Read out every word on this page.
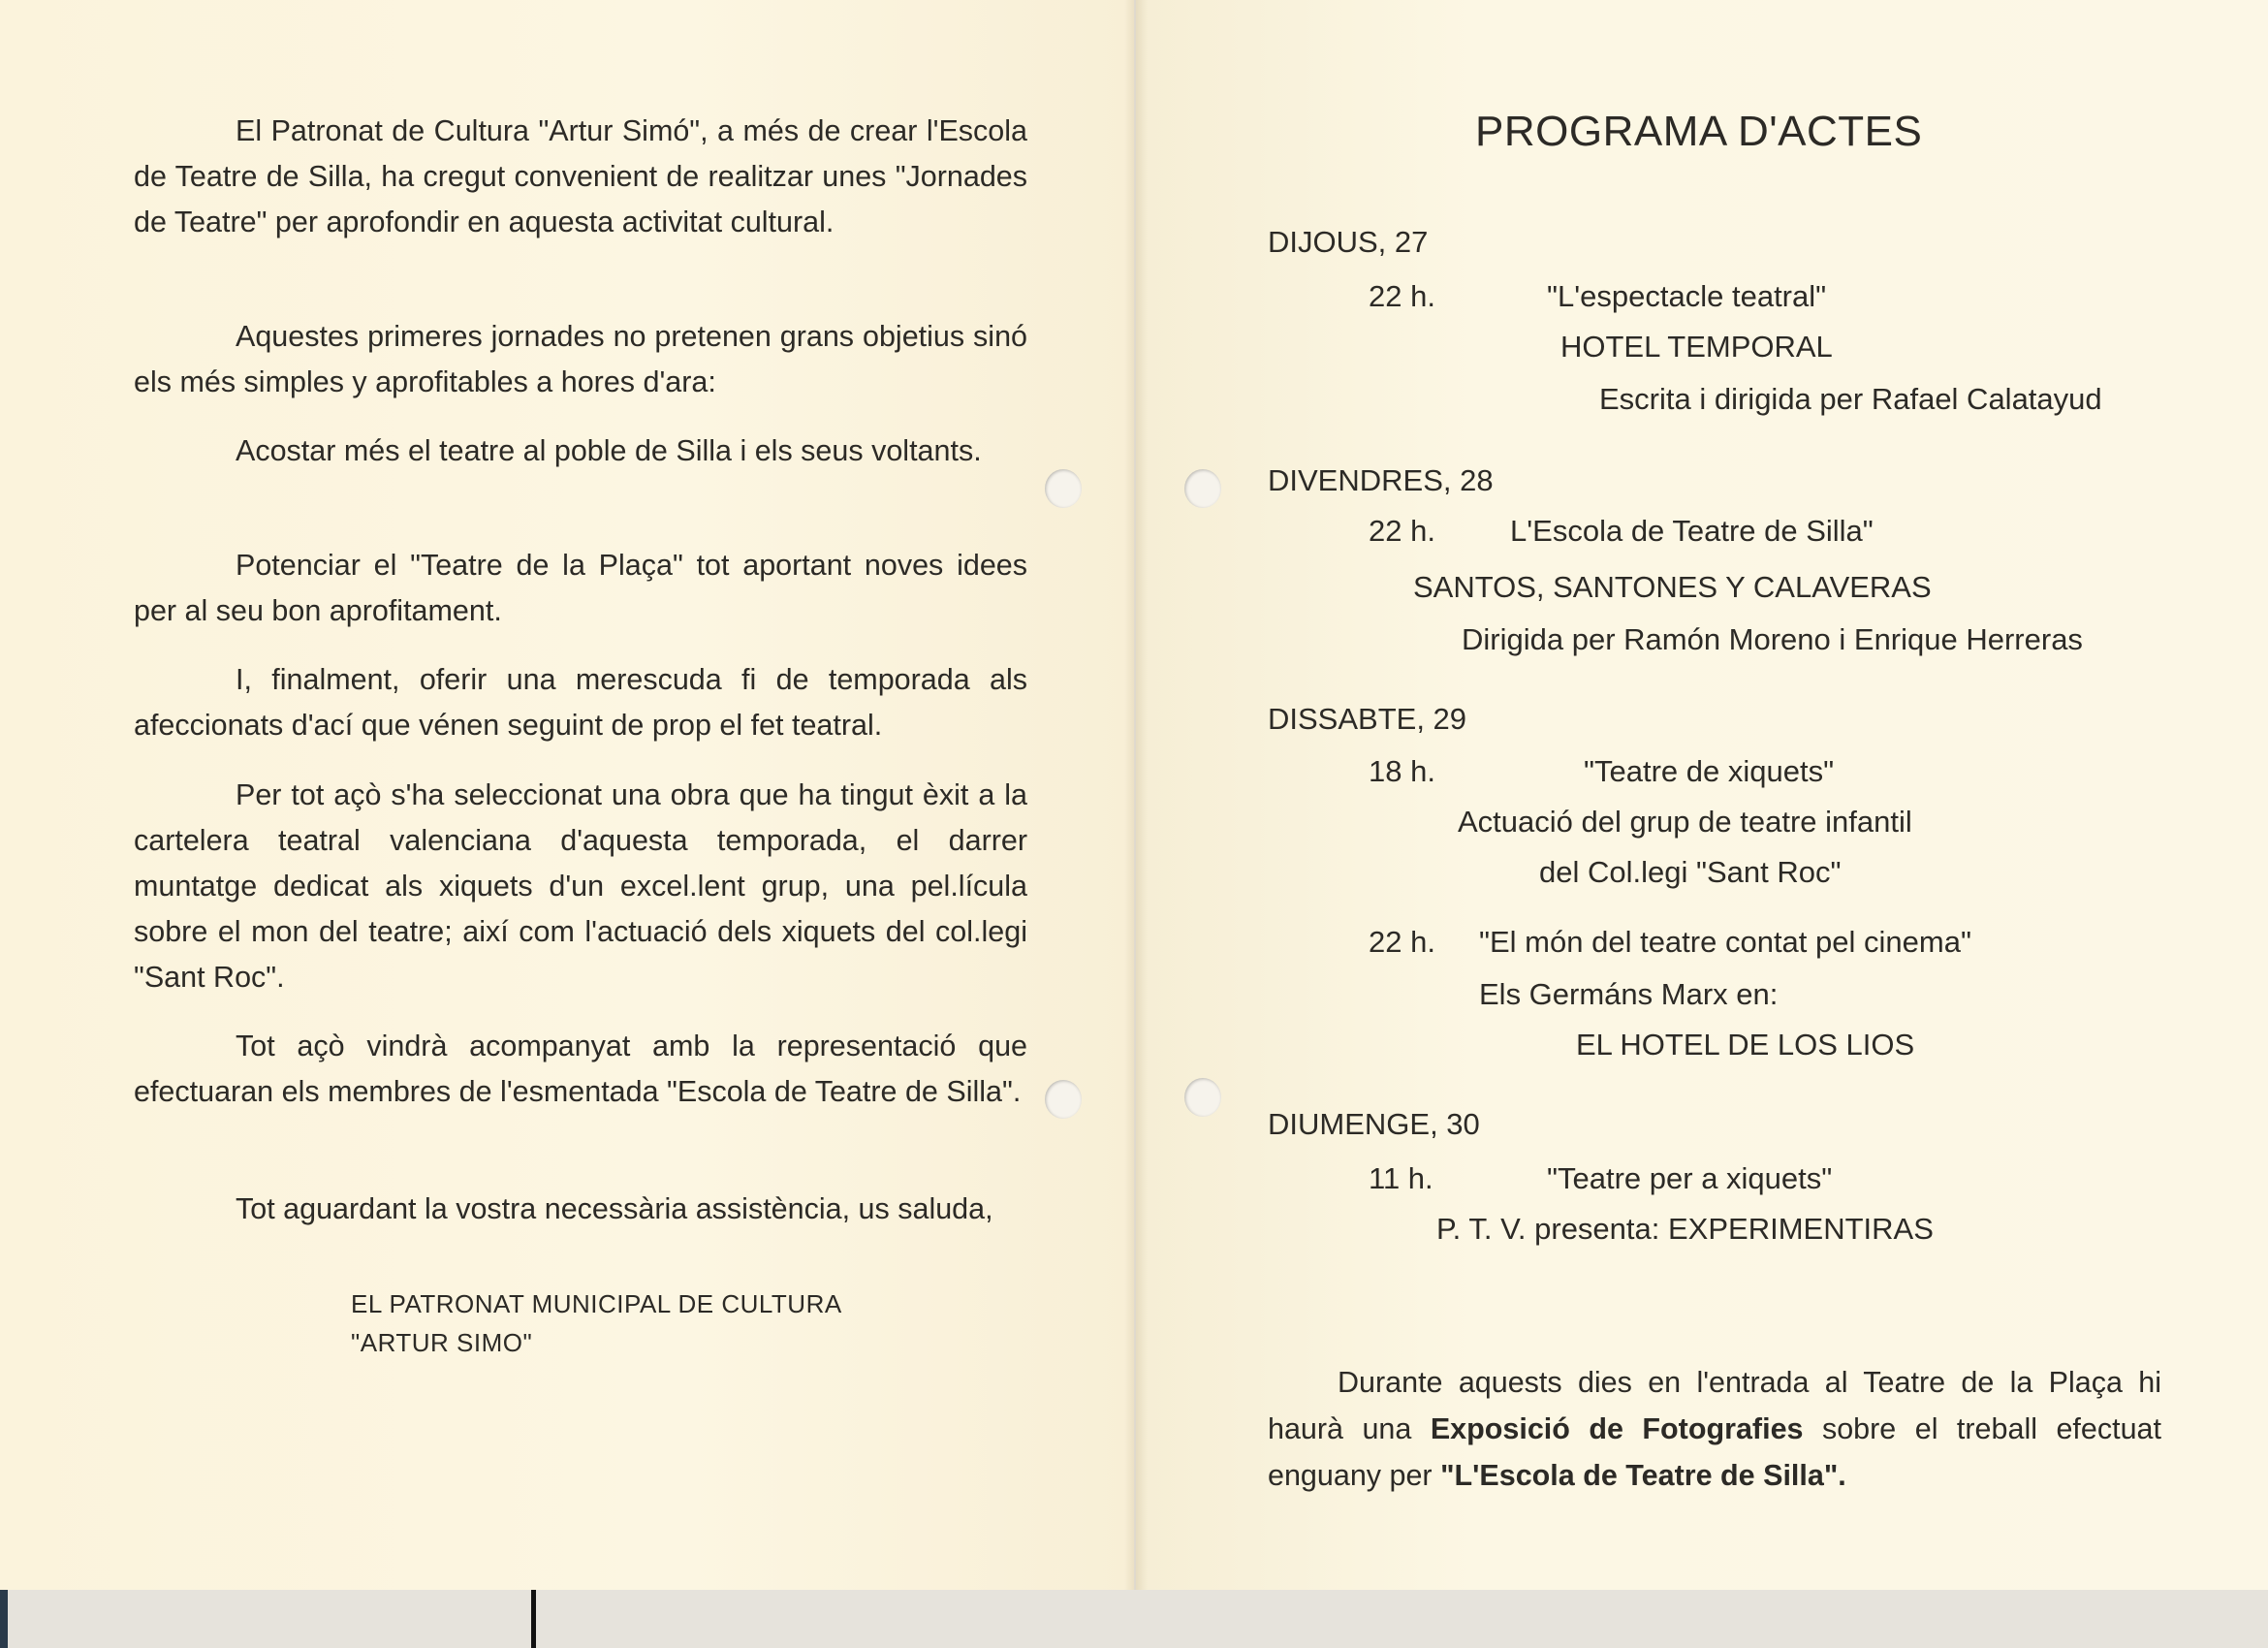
El Patronat de Cultura "Artur Simó", a més de crear l'Escola de Teatre de Silla, ha cregut convenient de realitzar unes "Jornades de Teatre" per aprofondir en aquesta activitat cultural.

Aquestes primeres jornades no pretenen grans objetius sinó els més simples y aprofitables a hores d'ara:

Acostar més el teatre al poble de Silla i els seus voltants.

Potenciar el "Teatre de la Plaça" tot aportant noves idees per al seu bon aprofitament.

I, finalment, oferir una merescuda fi de temporada als afeccionats d'ací que vénen seguint de prop el fet teatral.

Per tot açò s'ha seleccionat una obra que ha tingut èxit a la cartelera teatral valenciana d'aquesta temporada, el darrer muntatge dedicat als xiquets d'un excel.lent grup, una pel.lícula sobre el mon del teatre; així com l'actuació dels xiquets del col.legi "Sant Roc".

Tot açò vindrà acompanyat amb la representació que efectuaran els membres de l'esmentada "Escola de Teatre de Silla".

Tot aguardant la vostra necessària assistència, us saluda,

EL PATRONAT MUNICIPAL DE CULTURA

"ARTUR SIMO"

PROGRAMA D'ACTES

DIJOUS, 27

22 h.	"L'espectacle teatral"

HOTEL TEMPORAL

Escrita i dirigida per Rafael Calatayud

DIVENDRES, 28

22 h. L'Escola de Teatre de Silla"

SANTOS, SANTONES Y CALAVERAS

Dirigida per Ramón Moreno i Enrique Herreras

DISSABTE, 29

18 h.	"Teatre de xiquets"

Actuació del grup de teatre infantil

del Col.legi "Sant Roc"

22 h. "El món del teatre contat pel cinema"

Els Germáns Marx en:

EL HOTEL DE LOS LIOS

DIUMENGE, 30

11 h.	"Teatre per a xiquets"

P. T. V. presenta: EXPERIMENTIRAS

Durante aquests dies en l'entrada al Teatre de la Plaça hi haurà una Exposició de Fotografies sobre el treball efectuat enguany per "L'Escola de Teatre de Silla".
